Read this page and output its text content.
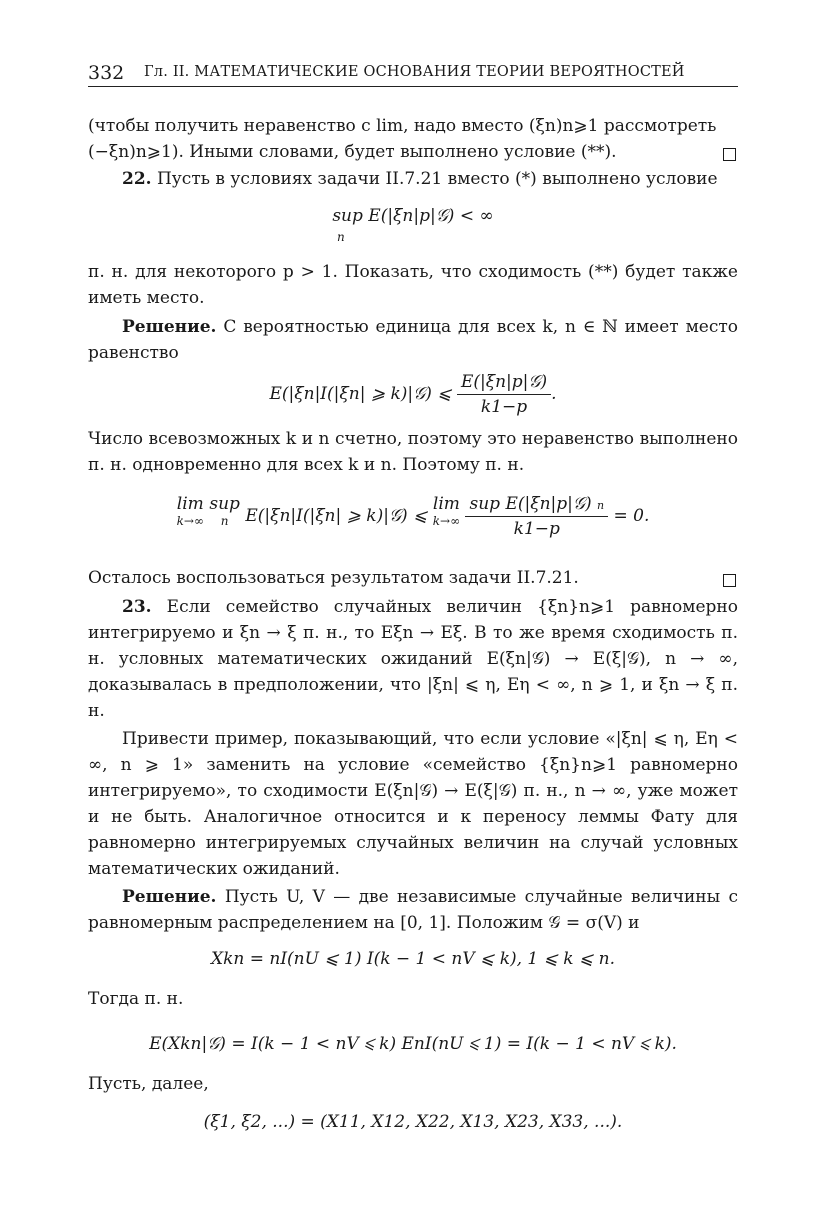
332 Гл. II. МАТЕМАТИЧЕСКИЕ ОСНОВАНИЯ ТЕОРИИ ВЕРОЯТНОСТЕЙ
(чтобы получить неравенство с lim, надо вместо (ξn)n⩾1 рассмотреть
(−ξn)n⩾1). Иными словами, будет выполнено условие (**).
22. Пусть в условиях задачи II.7.21 вместо (*) выполнено условие
sup E(|ξn|p|𝒢) < ∞
n

п. н. для некоторого p > 1. Показать, что сходимость (**) будет также иметь место.

Решение. С вероятностью единица для всех k, n ∈ ℕ имеет место равенство

E(|ξn|I(|ξn| ⩾ k)|𝒢) ⩽ $\frac{\text{E(|ξn|p|𝒢)}}{k1-p}$ .

Число всевозможных k и n счетно, поэтому это неравенство выполнено п. н. одновременно для всех k и n. Поэтому п. н.

lim
k→∞
sup
n E(|ξn|I(|ξn| ⩾ k)|𝒢) ⩽ lim
k→∞
$\frac{\text{sup E(|ξn|p|𝒢) n}}{k1-p} = 0$.
Осталось воспользоваться результатом задачи II.7.21.

23. Если семейство случайных величин {ξn}n⩾1 равномерно интегрируемо и ξn → ξ п. н., то Eξn → Eξ. В то же время сходимость п. н. условных математических ожиданий E(ξn|𝒢) → E(ξ|𝒢), n → ∞, доказывалась в предположении, что |ξn| ⩽ η, Eη < ∞, n ⩾ 1, и ξn → ξ п. н.

Привести пример, показывающий, что если условие «|ξn| ⩽ η, Eη < ∞, n ⩾ 1» заменить на условие «семейство {ξn}n⩾1 равномерно интегрируемо», то сходимости E(ξn|𝒢) → E(ξ|𝒢) п. н., n → ∞, уже может и не быть. Аналогичное относится и к переносу леммы Фату для равномерно интегрируемых случайных величин на случай условных математических ожиданий.

Решение. Пусть U, V — две независимые случайные величины с равномерным распределением на [0, 1]. Положим 𝒢 = σ(V) и

Xkn = nI(nU ⩽ 1) I(k − 1 < nV ⩽ k), 1 ⩽ k ⩽ n.
Тогда п. н.
E(Xkn|𝒢) = I(k − 1 < nV ⩽ k) EnI(nU ⩽ 1) = I(k − 1 < nV ⩽ k).
Пусть, далее,
(ξ1, ξ2, ...) = (X11, X12, X22, X13, X23, X33, ...).
